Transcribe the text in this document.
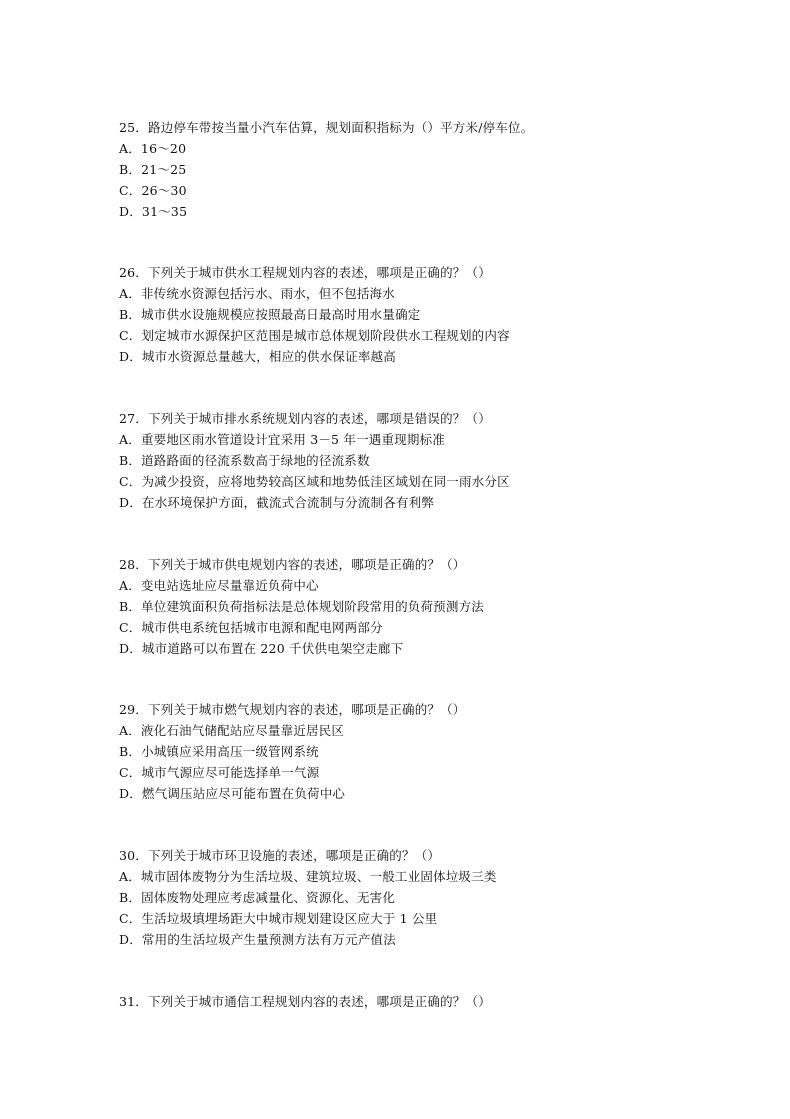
25．路边停车带按当量小汽车估算，规划面积指标为（）平方米/停车位。

A．16～20

B．21～25

C．26～30

D．31～35

26．下列关于城市供水工程规划内容的表述，哪项是正确的？（）

A．非传统水资源包括污水、雨水，但不包括海水

B．城市供水设施规模应按照最高日最高时用水量确定

C．划定城市水源保护区范围是城市总体规划阶段供水工程规划的内容

D．城市水资源总量越大，相应的供水保证率越高

27．下列关于城市排水系统规划内容的表述，哪项是错误的？（）

A．重要地区雨水管道设计宜采用 3－5 年一遇重现期标准

B．道路路面的径流系数高于绿地的径流系数

C．为减少投资，应将地势较高区域和地势低洼区域划在同一雨水分区

D．在水环境保护方面，截流式合流制与分流制各有利弊

28．下列关于城市供电规划内容的表述，哪项是正确的？（）

A．变电站选址应尽量靠近负荷中心

B．单位建筑面积负荷指标法是总体规划阶段常用的负荷预测方法

C．城市供电系统包括城市电源和配电网两部分

D．城市道路可以布置在 220 千伏供电架空走廊下

29．下列关于城市燃气规划内容的表述，哪项是正确的？（）

A．液化石油气储配站应尽量靠近居民区

B．小城镇应采用高压一级管网系统

C．城市气源应尽可能选择单一气源

D．燃气调压站应尽可能布置在负荷中心

30．下列关于城市环卫设施的表述，哪项是正确的？（）

A．城市固体废物分为生活垃圾、建筑垃圾、一般工业固体垃圾三类

B．固体废物处理应考虑减量化、资源化、无害化

C．生活垃圾填埋场距大中城市规划建设区应大于 1 公里

D．常用的生活垃圾产生量预测方法有万元产值法

31．下列关于城市通信工程规划内容的表述，哪项是正确的？（）
